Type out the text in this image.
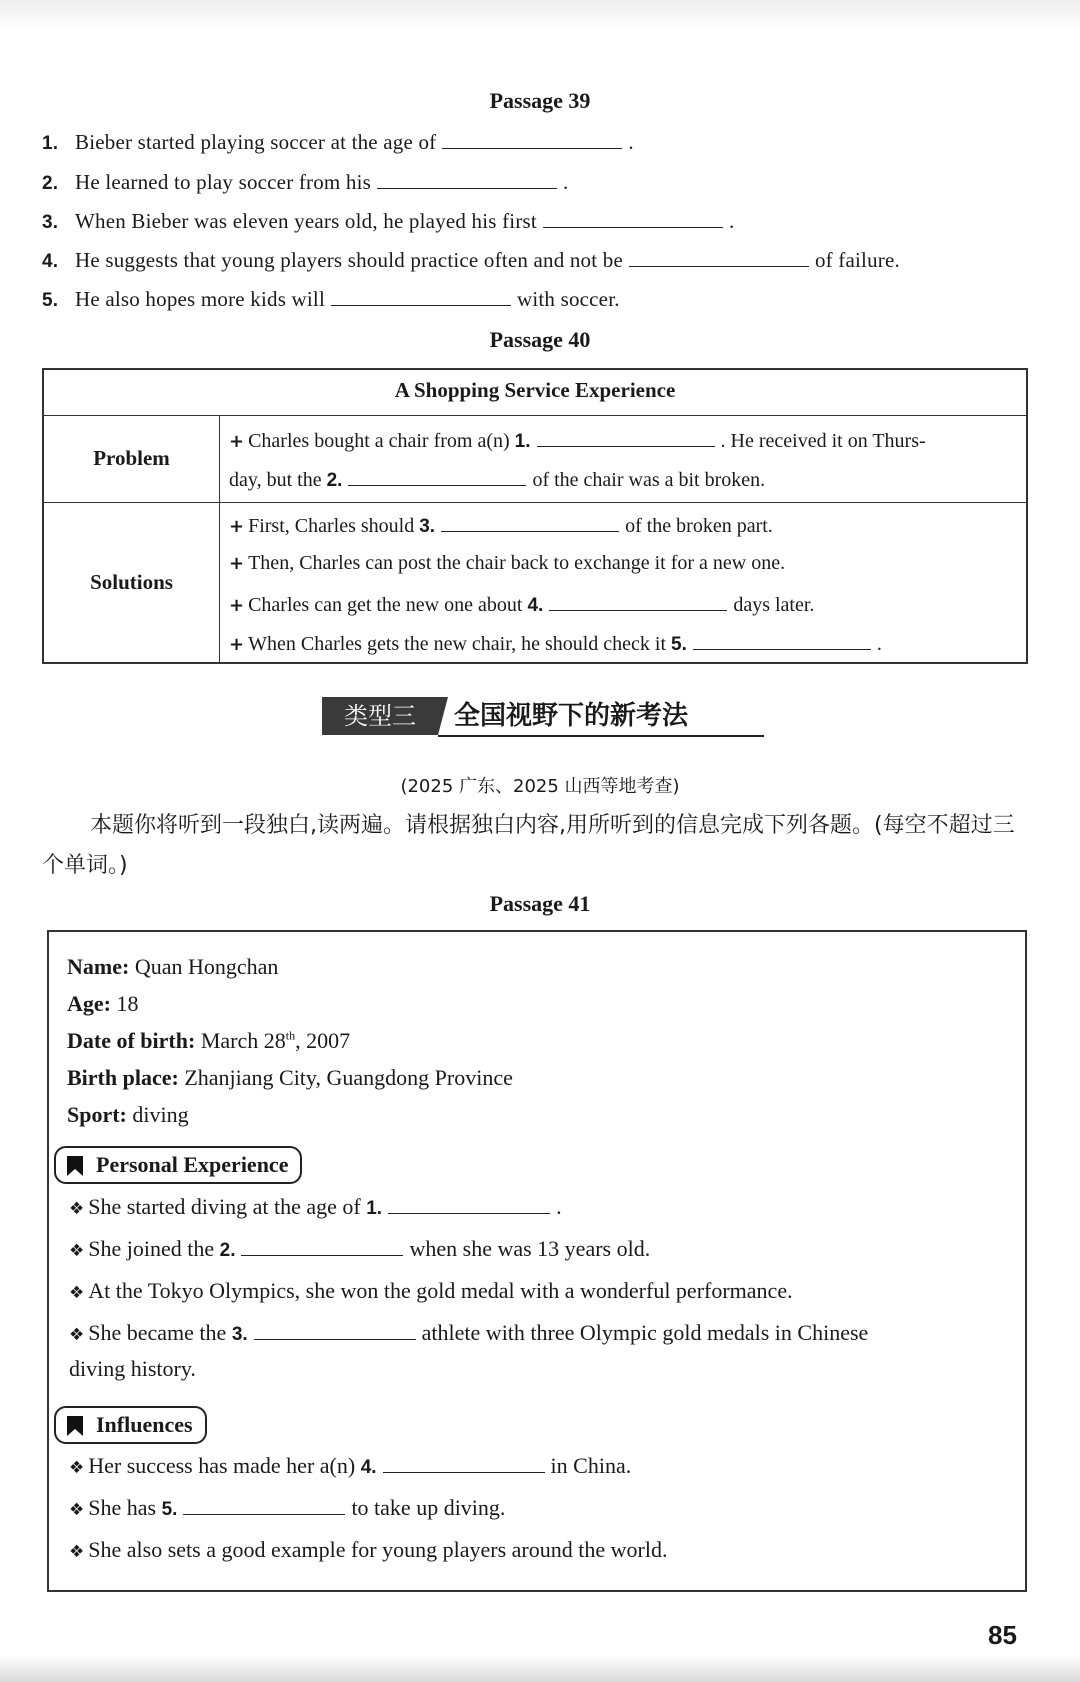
Passage 39
1. Bieber started playing soccer at the age of	.
2. He learned to play soccer from his	.
3. When Bieber was eleven years old, he played his first	.
4. He suggests that young players should practice often and not be	of failure.
5. He also hopes more kids will	with soccer.
Passage 40
A Shopping Service Experience
Problem
+ Charles bought a chair from a(n) 1.	. He received it on Thurs-
day, but the 2.	of the chair was a bit broken.
Solutions
+ First, Charles should 3.	of the broken part.
+ Then, Charles can post the chair back to exchange it for a new one.
+ Charles can get the new one about 4.	days later.
+ When Charles gets the new chair, he should check it 5.	.
类型三	全国视野下的新考法
(2025 广东、2025 山西等地考查)
本题你将听到一段独白,读两遍。请根据独白内容,用所听到的信息完成下列各题。(每空不超过三个单词。)
Passage 41
Name: Quan Hongchan
Age: 18
Date of birth: March 28th, 2007
Birth place: Zhanjiang City, Guangdong Province
Sport: diving
Personal Experience
❖ She started diving at the age of 1.	.
❖ She joined the 2.	when she was 13 years old.
❖ At the Tokyo Olympics, she won the gold medal with a wonderful performance.
❖ She became the 3.	athlete with three Olympic gold medals in Chinese
diving history.
Influences
❖ Her success has made her a(n) 4.	in China.
❖ She has 5.	to take up diving.
❖ She also sets a good example for young players around the world.
85
